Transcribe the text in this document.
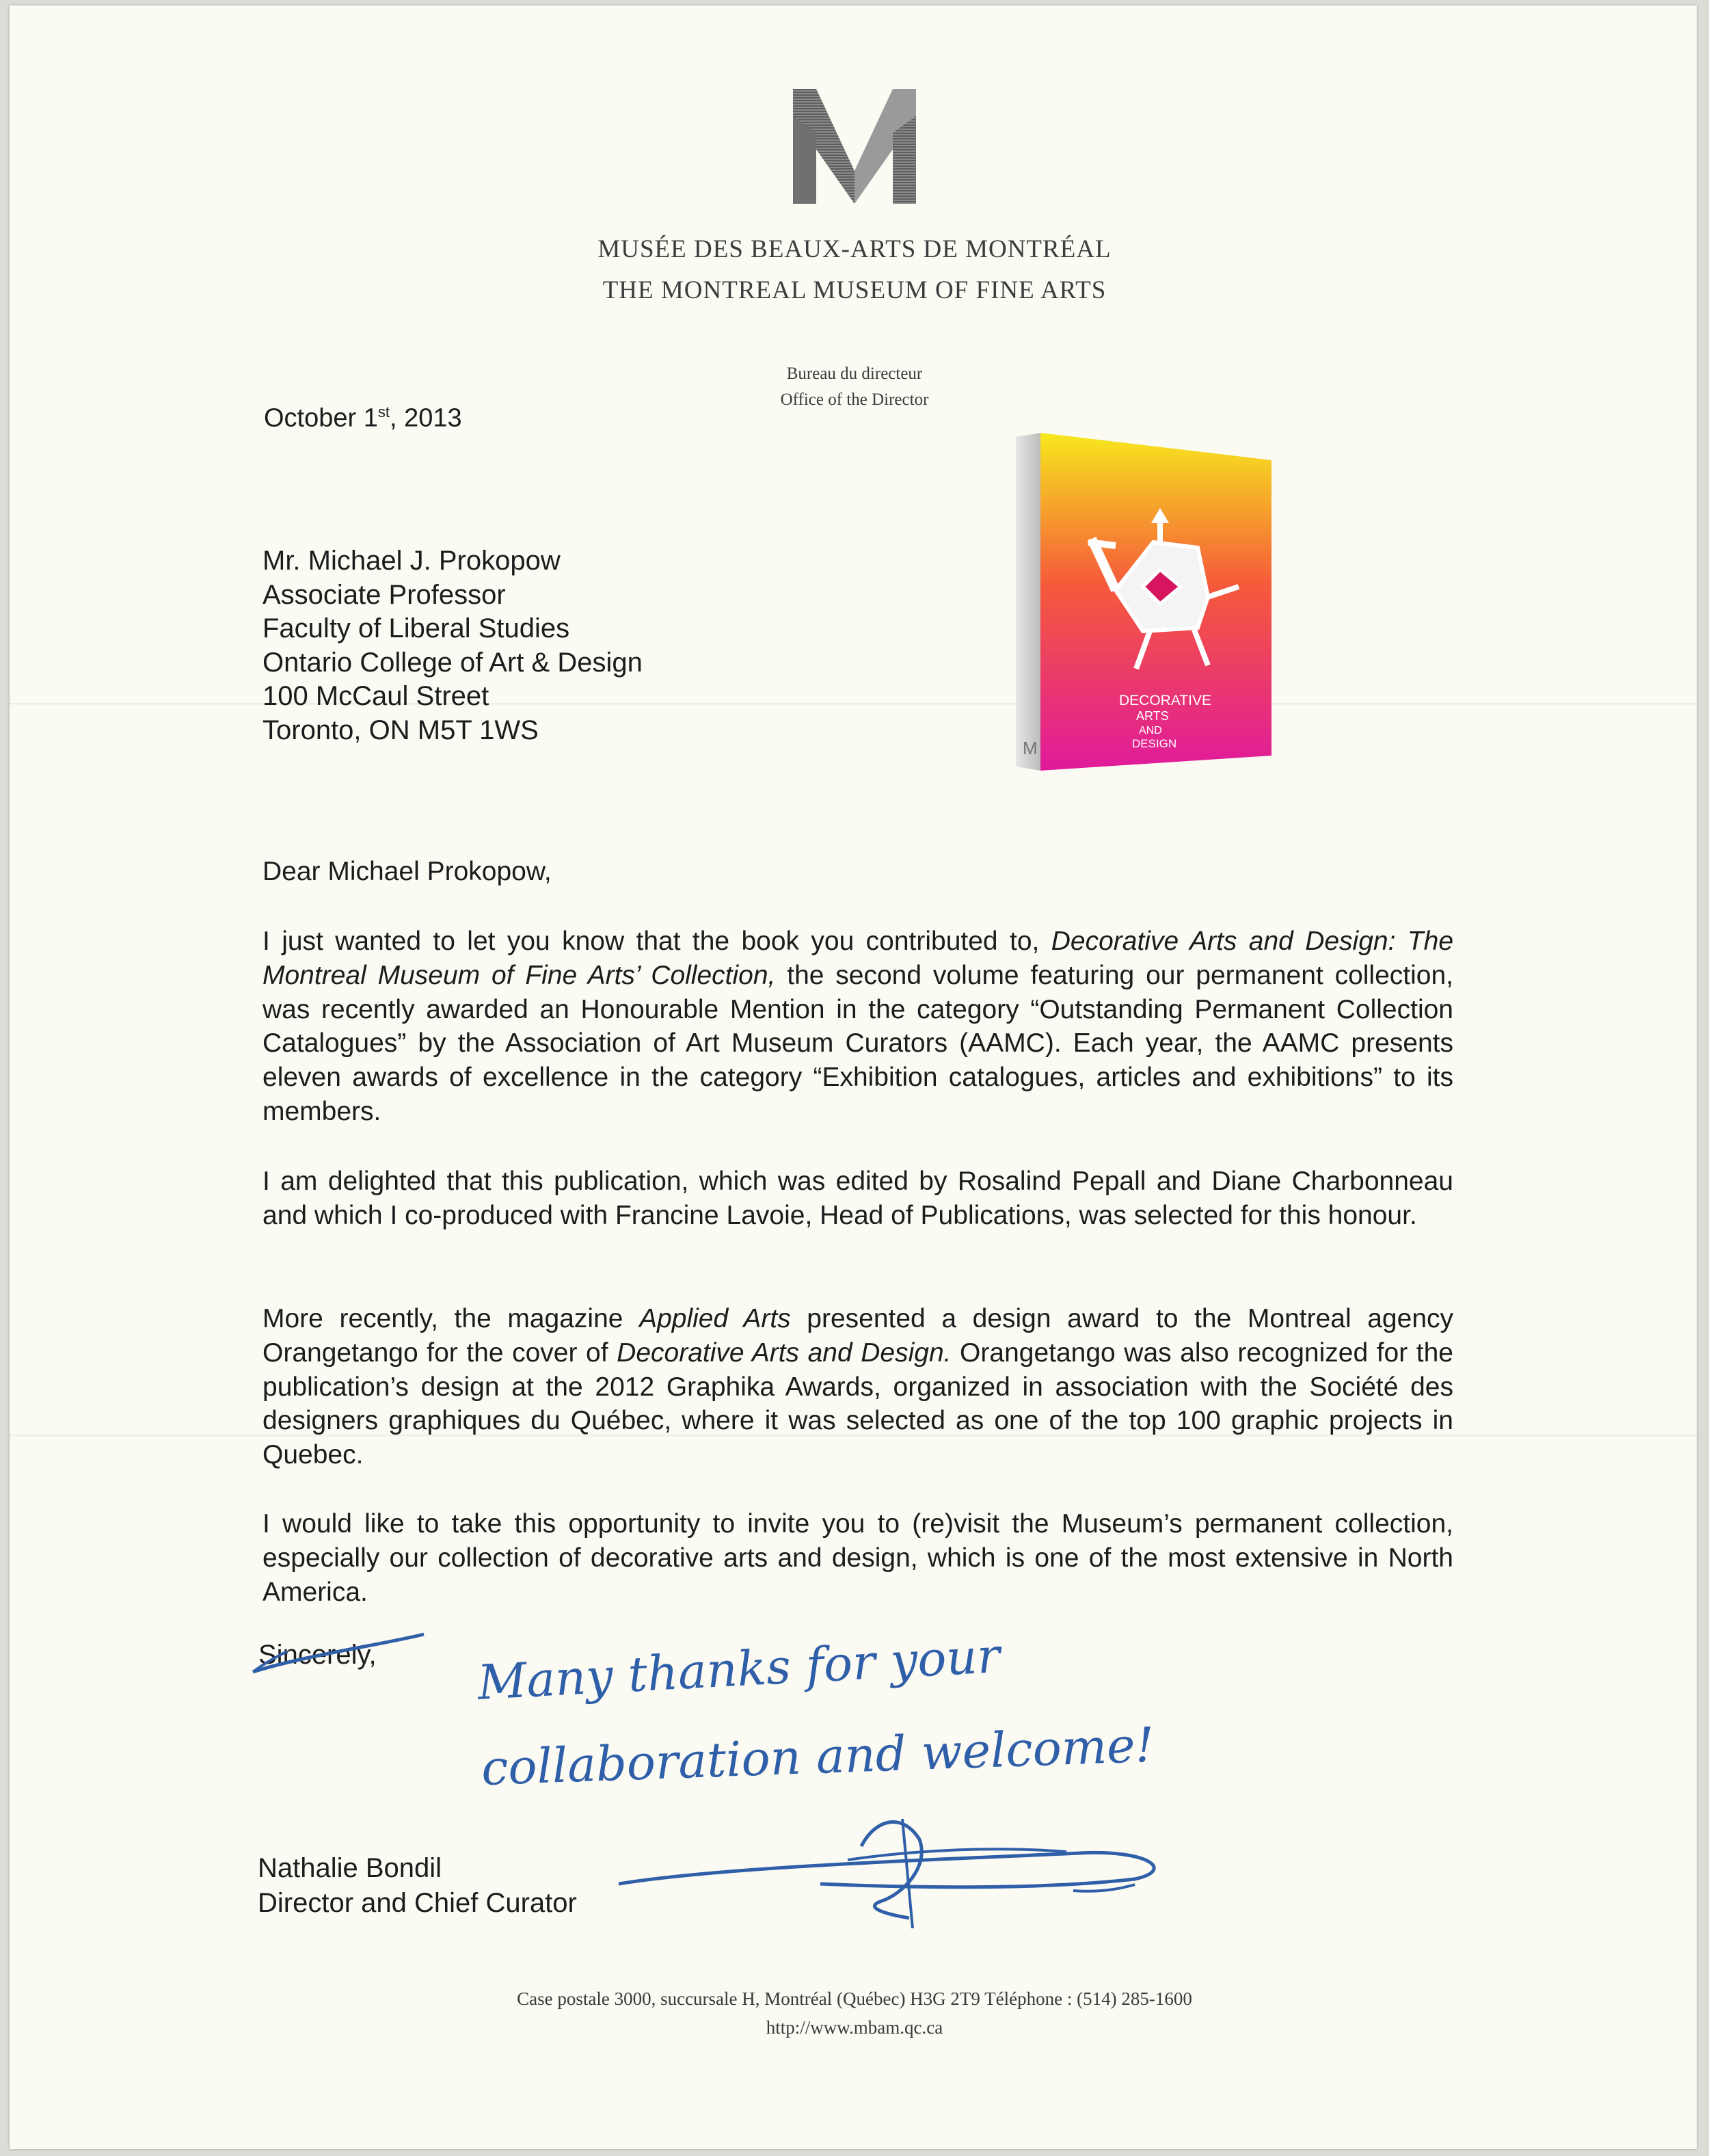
MUSÉE DES BEAUX-ARTS DE MONTRÉAL
THE MONTREAL MUSEUM OF FINE ARTS
Bureau du directeur
Office of the Director
October 1st, 2013
Mr. Michael J. Prokopow
Associate Professor
Faculty of Liberal Studies
Ontario College of Art & Design
100 McCaul Street
Toronto, ON M5T 1WS
M
DECORATIVE
ARTS
AND
DESIGN
Dear Michael Prokopow,

I just wanted to let you know that the book you contributed to, Decorative Arts and Design: The Montreal Museum of Fine Arts’ Collection, the second volume featuring our permanent collection, was recently awarded an Honourable Mention in the category “Outstanding Permanent Collection Catalogues” by the Association of Art Museum Curators (AAMC). Each year, the AAMC presents eleven awards of excellence in the category “Exhibition catalogues, articles and exhibitions” to its members.

I am delighted that this publication, which was edited by Rosalind Pepall and Diane Charbonneau and which I co-produced with Francine Lavoie, Head of Publications, was selected for this honour.

More recently, the magazine Applied Arts presented a design award to the Montreal agency Orangetango for the cover of Decorative Arts and Design. Orangetango was also recognized for the publication’s design at the 2012 Graphika Awards, organized in association with the Société des designers graphiques du Québec, where it was selected as one of the top 100 graphic projects in Quebec.

I would like to take this opportunity to invite you to (re)visit the Museum’s permanent collection, especially our collection of decorative arts and design, which is one of the most extensive in North America.

Sincerely, Many thanks for your
collaboration and welcome!
Nathalie Bondil
Director and Chief Curator
Case postale 3000, succursale H, Montréal (Québec) H3G 2T9 Téléphone : (514) 285-1600
http://www.mbam.qc.ca
